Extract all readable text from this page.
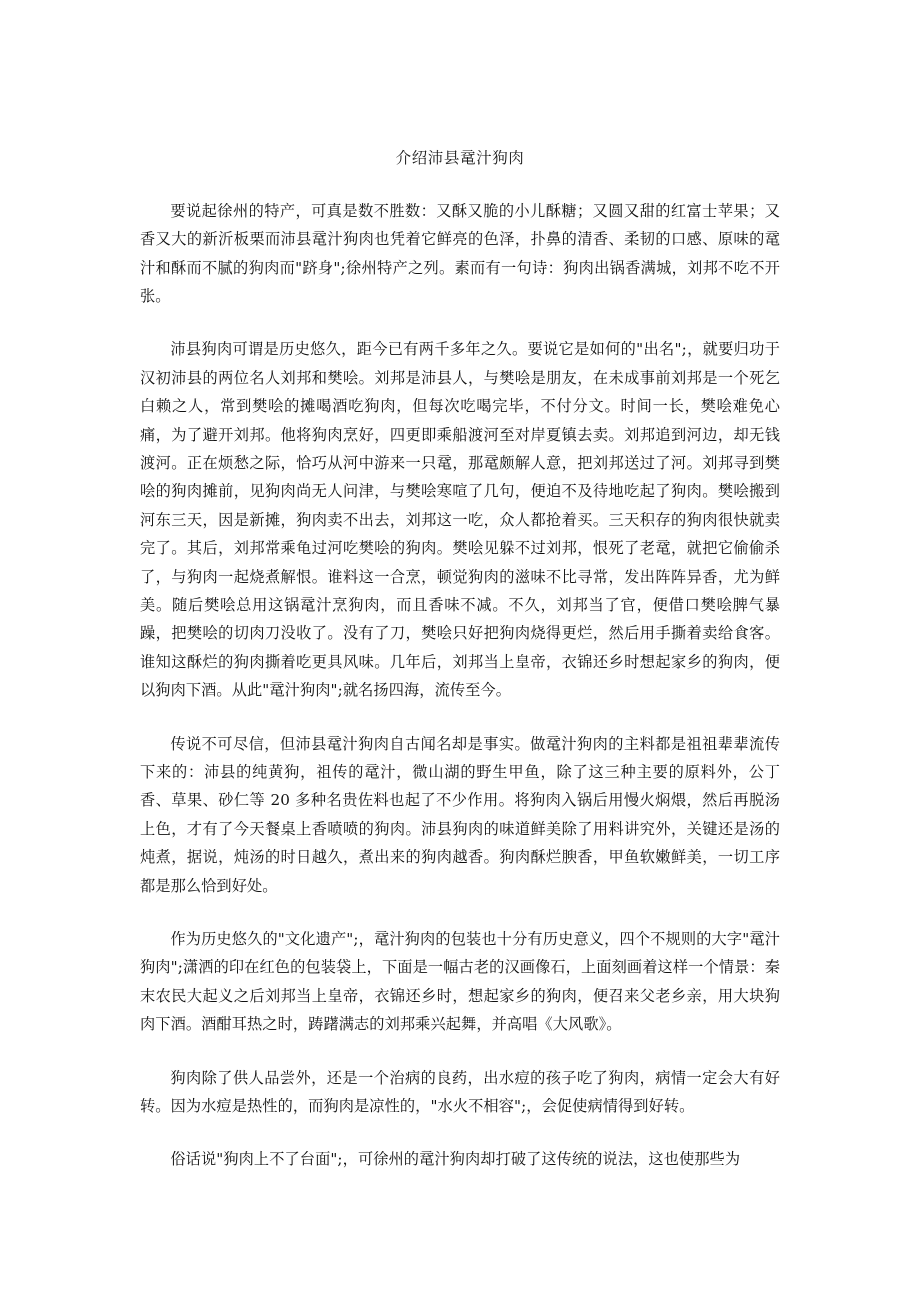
介绍沛县鼋汁狗肉

要说起徐州的特产，可真是数不胜数：又酥又脆的小儿酥糖；又圆又甜的红富士苹果；又香又大的新沂板栗而沛县鼋汁狗肉也凭着它鲜亮的色泽，扑鼻的清香、柔韧的口感、原味的鼋汁和酥而不腻的狗肉而"跻身";徐州特产之列。素而有一句诗：狗肉出锅香满城，刘邦不吃不开张。

沛县狗肉可谓是历史悠久，距今已有两千多年之久。要说它是如何的"出名";，就要归功于汉初沛县的两位名人刘邦和樊哙。刘邦是沛县人，与樊哙是朋友，在未成事前刘邦是一个死乞白赖之人，常到樊哙的摊喝酒吃狗肉，但每次吃喝完毕，不付分文。时间一长，樊哙难免心痛，为了避开刘邦。他将狗肉烹好，四更即乘船渡河至对岸夏镇去卖。刘邦追到河边，却无钱渡河。正在烦愁之际，恰巧从河中游来一只鼋，那鼋颇解人意，把刘邦送过了河。刘邦寻到樊哙的狗肉摊前，见狗肉尚无人问津，与樊哙寒喧了几句，便迫不及待地吃起了狗肉。樊哙搬到河东三天，因是新摊，狗肉卖不出去，刘邦这一吃，众人都抢着买。三天积存的狗肉很快就卖完了。其后，刘邦常乘龟过河吃樊哙的狗肉。樊哙见躲不过刘邦，恨死了老鼋，就把它偷偷杀了，与狗肉一起烧煮解恨。谁料这一合烹，顿觉狗肉的滋味不比寻常，发出阵阵异香，尤为鲜美。随后樊哙总用这锅鼋汁烹狗肉，而且香味不减。不久，刘邦当了官，便借口樊哙脾气暴躁，把樊哙的切肉刀没收了。没有了刀，樊哙只好把狗肉烧得更烂，然后用手撕着卖给食客。谁知这酥烂的狗肉撕着吃更具风味。几年后，刘邦当上皇帝，衣锦还乡时想起家乡的狗肉，便以狗肉下酒。从此"鼋汁狗肉";就名扬四海，流传至今。

传说不可尽信，但沛县鼋汁狗肉自古闻名却是事实。做鼋汁狗肉的主料都是祖祖辈辈流传下来的：沛县的纯黄狗，祖传的鼋汁，微山湖的野生甲鱼，除了这三种主要的原料外，公丁香、草果、砂仁等 20 多种名贵佐料也起了不少作用。将狗肉入锅后用慢火焖煨，然后再脱汤上色，才有了今天餐桌上香喷喷的狗肉。沛县狗肉的味道鲜美除了用料讲究外，关键还是汤的炖煮，据说，炖汤的时日越久，煮出来的狗肉越香。狗肉酥烂腴香，甲鱼软嫩鲜美，一切工序都是那么恰到好处。

作为历史悠久的"文化遗产";，鼋汁狗肉的包装也十分有历史意义，四个不规则的大字"鼋汁狗肉";潇洒的印在红色的包装袋上，下面是一幅古老的汉画像石，上面刻画着这样一个情景：秦末农民大起义之后刘邦当上皇帝，衣锦还乡时，想起家乡的狗肉，便召来父老乡亲，用大块狗肉下酒。酒酣耳热之时，踌躇满志的刘邦乘兴起舞，并高唱《大风歌》。

狗肉除了供人品尝外，还是一个治病的良药，出水痘的孩子吃了狗肉，病情一定会大有好转。因为水痘是热性的，而狗肉是凉性的，"水火不相容";，会促使病情得到好转。

俗话说"狗肉上不了台面";，可徐州的鼋汁狗肉却打破了这传统的说法，这也使那些为
